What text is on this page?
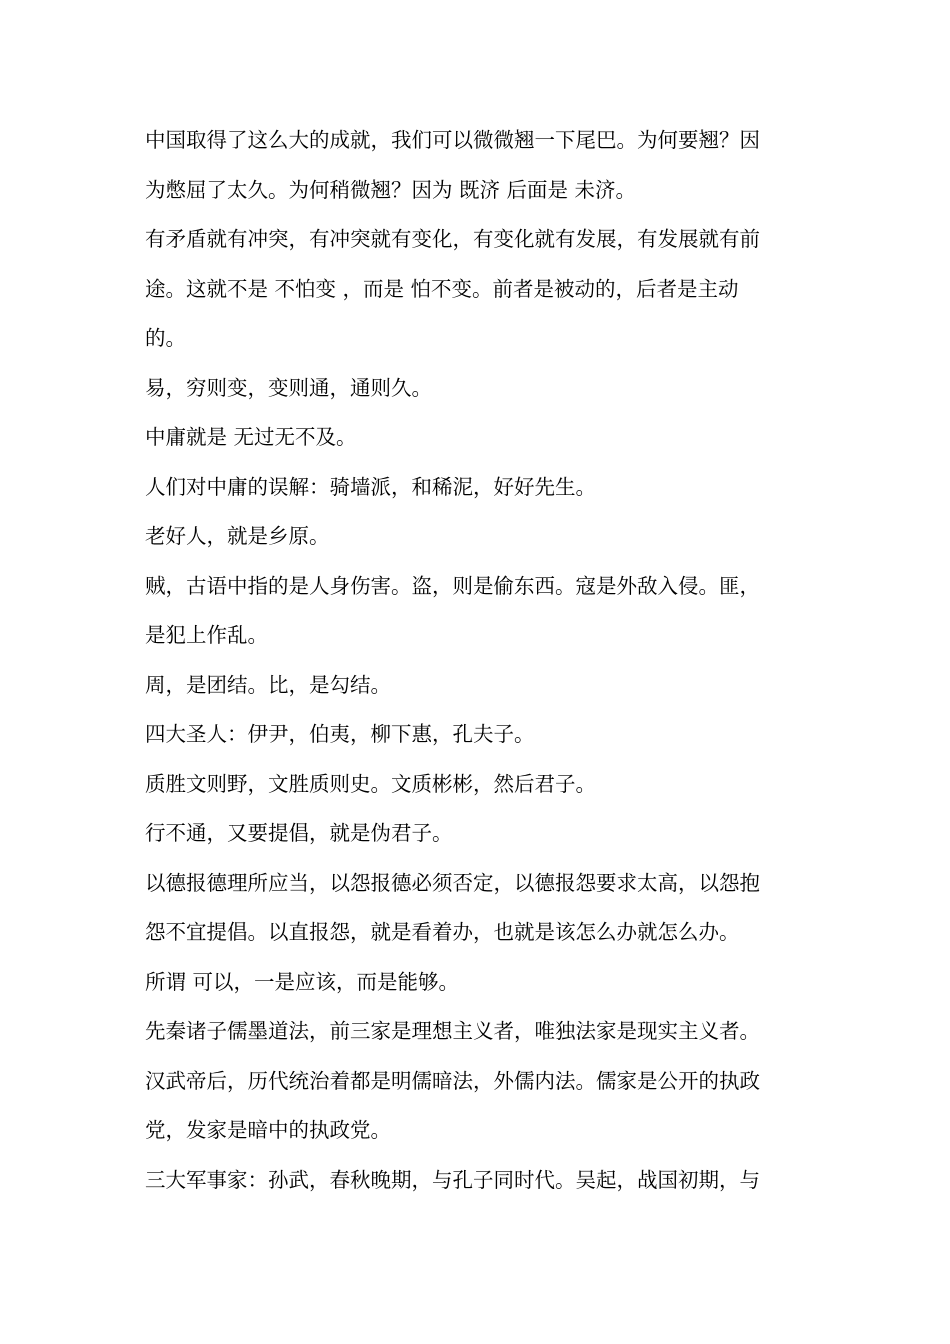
中国取得了这么大的成就，我们可以微微翘一下尾巴。为何要翘？因
为憋屈了太久。为何稍微翘？因为 既济 后面是 未济。
有矛盾就有冲突，有冲突就有变化，有变化就有发展，有发展就有前
途。这就不是 不怕变 ，而是 怕不变。前者是被动的，后者是主动
的。
易，穷则变，变则通，通则久。
中庸就是 无过无不及。
人们对中庸的误解：骑墙派，和稀泥，好好先生。
老好人，就是乡原。
贼，古语中指的是人身伤害。盗，则是偷东西。寇是外敌入侵。匪，
是犯上作乱。
周，是团结。比，是勾结。
四大圣人：伊尹，伯夷，柳下惠，孔夫子。
质胜文则野，文胜质则史。文质彬彬，然后君子。
行不通，又要提倡，就是伪君子。
以德报德理所应当，以怨报德必须否定，以德报怨要求太高，以怨抱
怨不宜提倡。以直报怨，就是看着办，也就是该怎么办就怎么办。
所谓 可以，一是应该，而是能够。
先秦诸子儒墨道法，前三家是理想主义者，唯独法家是现实主义者。
汉武帝后，历代统治着都是明儒暗法，外儒内法。儒家是公开的执政
党，发家是暗中的执政党。
三大军事家：孙武，春秋晚期，与孔子同时代。吴起，战国初期，与
